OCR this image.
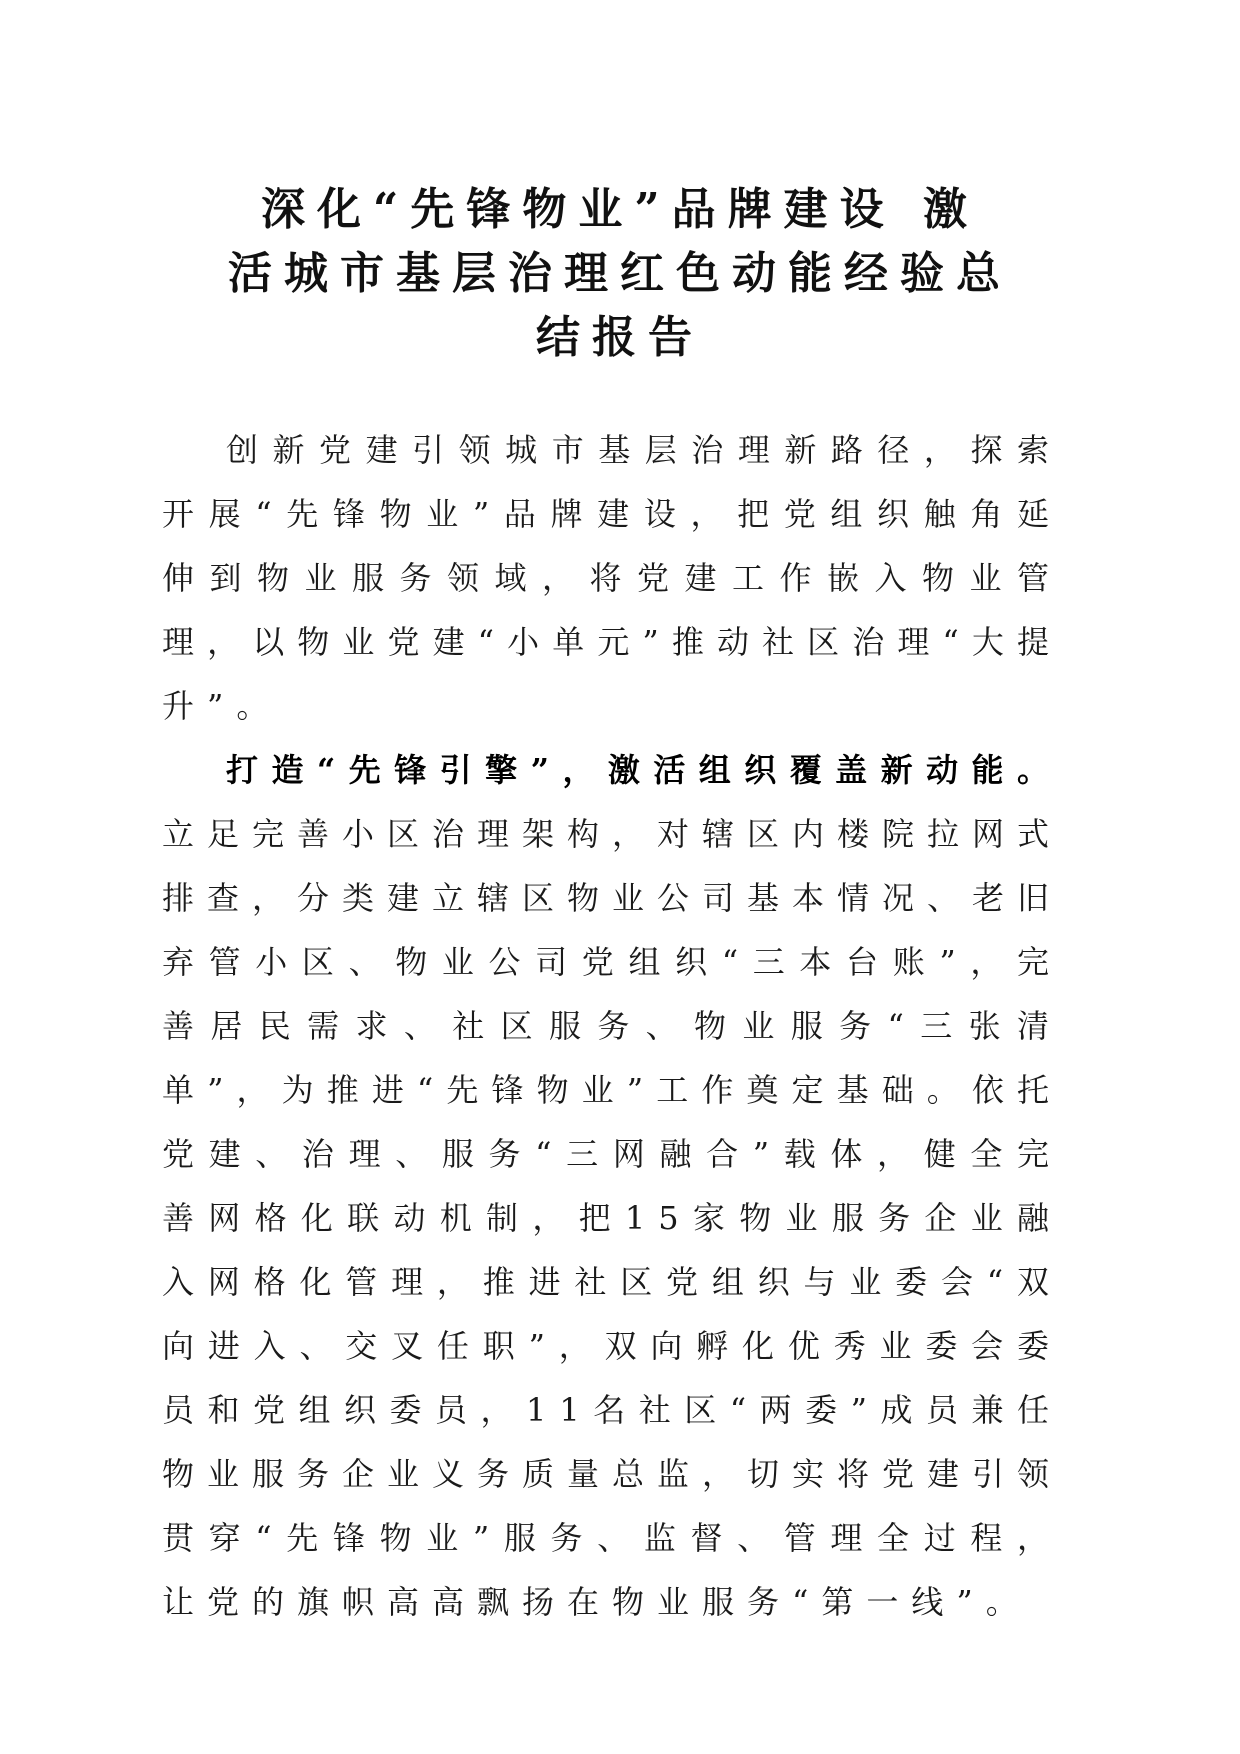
深化“先锋物业”品牌建设 激
活城市基层治理红色动能经验总
结报告

创新党建引领城市基层治理新路径，探索开展“先锋物业”品牌建设，把党组织触角延伸到物业服务领域，将党建工作嵌入物业管理，以物业党建“小单元”推动社区治理“大提升”。

打造“先锋引擎”，激活组织覆盖新动能。立足完善小区治理架构，对辖区内楼院拉网式排查，分类建立辖区物业公司基本情况、老旧弃管小区、物业公司党组织“三本台账”，完善居民需求、社区服务、物业服务“三张清单”，为推进“先锋物业”工作奠定基础。依托党建、治理、服务“三网融合”载体，健全完善网格化联动机制，把15家物业服务企业融入网格化管理，推进社区党组织与业委会“双向进入、交叉任职”，双向孵化优秀业委会委员和党组织委员，11名社区“两委”成员兼任物业服务企业义务质量总监，切实将党建引领贯穿“先锋物业”服务、监督、管理全过程，让党的旗帜高高飘扬在物业服务“第一线”。
